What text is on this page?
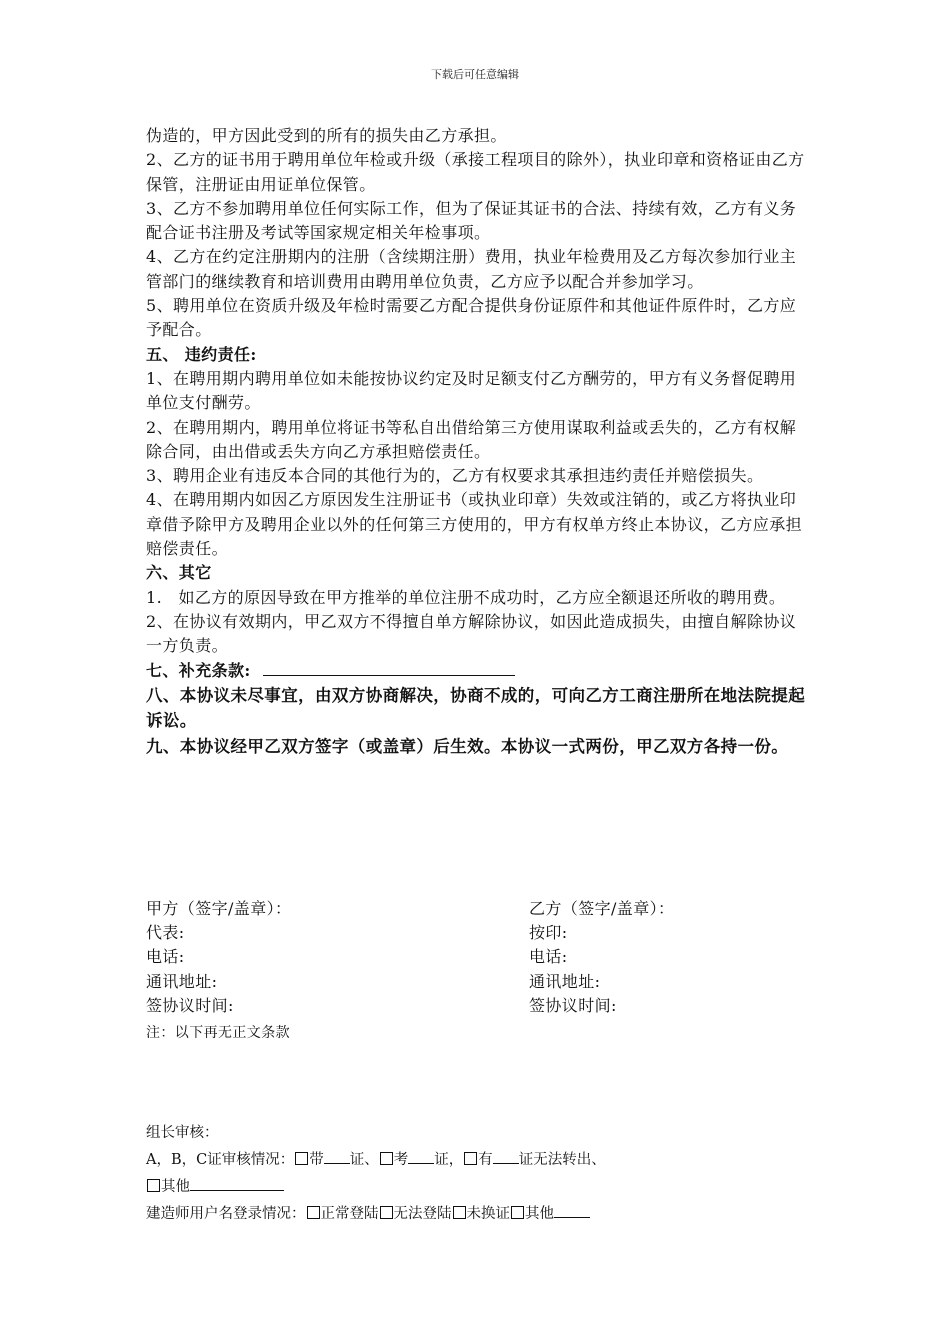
下载后可任意编辑

伪造的，甲方因此受到的所有的损失由乙方承担。

2、乙方的证书用于聘用单位年检或升级（承接工程项目的除外），执业印章和资格证由乙方保管，注册证由用证单位保管。

3、乙方不参加聘用单位任何实际工作，但为了保证其证书的合法、持续有效，乙方有义务配合证书注册及考试等国家规定相关年检事项。

4、乙方在约定注册期内的注册（含续期注册）费用，执业年检费用及乙方每次参加行业主管部门的继续教育和培训费用由聘用单位负责，乙方应予以配合并参加学习。

5、聘用单位在资质升级及年检时需要乙方配合提供身份证原件和其他证件原件时，乙方应予配合。

五、 违约责任:

1、在聘用期内聘用单位如未能按协议约定及时足额支付乙方酬劳的，甲方有义务督促聘用单位支付酬劳。

2、在聘用期内，聘用单位将证书等私自出借给第三方使用谋取利益或丢失的，乙方有权解除合同，由出借或丢失方向乙方承担赔偿责任。

3、聘用企业有违反本合同的其他行为的，乙方有权要求其承担违约责任并赔偿损失。

4、在聘用期内如因乙方原因发生注册证书（或执业印章）失效或注销的，或乙方将执业印章借予除甲方及聘用企业以外的任何第三方使用的，甲方有权单方终止本协议，乙方应承担赔偿责任。

六、其它

1.　如乙方的原因导致在甲方推举的单位注册不成功时，乙方应全额退还所收的聘用费。

2、在协议有效期内，甲乙双方不得擅自单方解除协议，如因此造成损失，由擅自解除协议一方负责。

七、补充条款:

八、本协议未尽事宜，由双方协商解决，协商不成的，可向乙方工商注册所在地法院提起诉讼。

九、本协议经甲乙双方签字（或盖章）后生效。本协议一式两份，甲乙双方各持一份。

甲方（签字/盖章）：
代表:
电话:
通讯地址:
签协议时间:
乙方（签字/盖章）：
按印:
电话:
通讯地址:
签协议时间:
注：以下再无正文条款
组长审核：
A，B，C证审核情况： 带 证、 考 证， 有 证无法转出、
其他
建造师用户名登录情况： 正常登陆 无法登陆 未换证 其他
